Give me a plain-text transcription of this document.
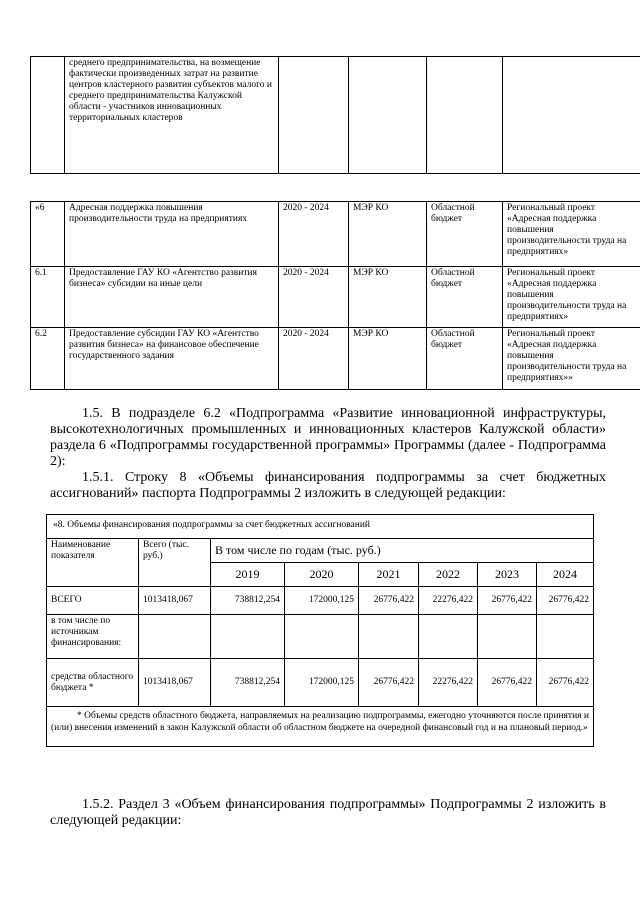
	среднего предпринимательства, на возмещение фактически произведенных затрат на развитие центров кластерного развития субъектов малого и среднего предпринимательства Калужской области - участников инновационных территориальных кластеров				
«6	Адресная поддержка повышения производительности труда на предприятиях	2020 - 2024	МЭР КО	Областной бюджет	Региональный проект «Адресная поддержка повышения производительности труда на предприятиях»
6.1	Предоставление ГАУ КО «Агентство развития бизнеса» субсидии на иные цели	2020 - 2024	МЭР КО	Областной бюджет	Региональный проект «Адресная поддержка повышения производительности труда на предприятиях»
6.2	Предоставление субсидии ГАУ КО «Агентство развития бизнеса» на финансовое обеспечение государственного задания	2020 - 2024	МЭР КО	Областной бюджет	Региональный проект «Адресная поддержка повышения производительности труда на предприятиях»»
1.5. В подразделе 6.2 «Подпрограмма «Развитие инновационной инфраструктуры, высокотехнологичных промышленных и инновационных кластеров Калужской области» раздела 6 «Подпрограммы государственной программы» Программы (далее - Подпрограмма 2):
1.5.1. Строку 8 «Объемы финансирования подпрограммы за счет бюджетных ассигнований» паспорта Подпрограммы 2 изложить в следующей редакции:
«8. Объемы финансирования подпрограммы за счет бюджетных ассигнований							
Наименование показателя	Всего (тыс. руб.)	В том числе по годам (тыс. руб.)					
		2019	2020	2021	2022	2023	2024
ВСЕГО	1013418,067	738812,254	172000,125	26776,422	22276,422	26776,422	26776,422
в том числе по источникам финансирования:							
средства областного бюджета *	1013418,067	738812,254	172000,125	26776,422	22276,422	26776,422	26776,422
* Объемы средств областного бюджета, направляемых на реализацию подпрограммы, ежегодно уточняются после принятия и (или) внесения изменений в закон Калужской области об областном бюджете на очередной финансовый год и на плановый период.»							
1.5.2. Раздел 3 «Объем финансирования подпрограммы» Подпрограммы 2 изложить в следующей редакции:
